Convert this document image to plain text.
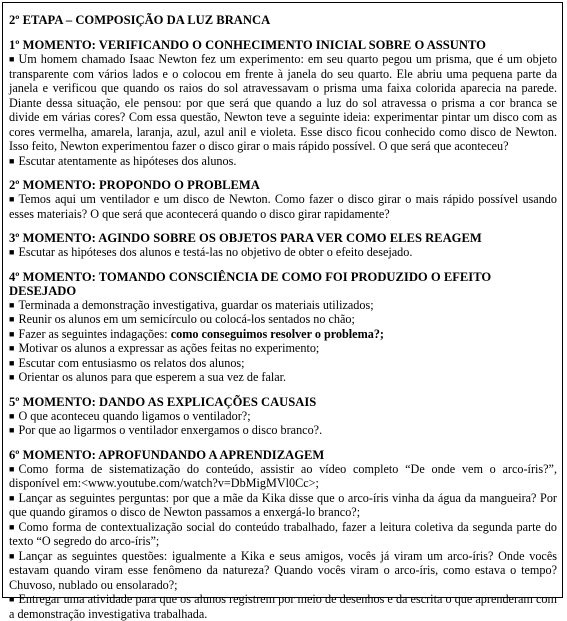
2º ETAPA – COMPOSIÇÃO DA LUZ BRANCA
1º MOMENTO: VERIFICANDO O CONHECIMENTO INICIAL SOBRE O ASSUNTO
■ Um homem chamado Isaac Newton fez um experimento: em seu quarto pegou um prisma, que é um objeto transparente com vários lados e o colocou em frente à janela do seu quarto. Ele abriu uma pequena parte da janela e verificou que quando os raios do sol atravessavam o prisma uma faixa colorida aparecia na parede. Diante dessa situação, ele pensou: por que será que quando a luz do sol atravessa o prisma a cor branca se divide em várias cores? Com essa questão, Newton teve a seguinte ideia: experimentar pintar um disco com as cores vermelha, amarela, laranja, azul, azul anil e violeta. Esse disco ficou conhecido como disco de Newton. Isso feito, Newton experimentou fazer o disco girar o mais rápido possível. O que será que aconteceu?
■ Escutar atentamente as hipóteses dos alunos.
2º MOMENTO: PROPONDO O PROBLEMA
■ Temos aqui um ventilador e um disco de Newton. Como fazer o disco girar o mais rápido possível usando esses materiais? O que será que acontecerá quando o disco girar rapidamente?
3º MOMENTO: AGINDO SOBRE OS OBJETOS PARA VER COMO ELES REAGEM
■ Escutar as hipóteses dos alunos e testá-las no objetivo de obter o efeito desejado.
4º MOMENTO: TOMANDO CONSCIÊNCIA DE COMO FOI PRODUZIDO O EFEITO DESEJADO
■ Terminada a demonstração investigativa, guardar os materiais utilizados;
■ Reunir os alunos em um semicírculo ou colocá-los sentados no chão;
■ Fazer as seguintes indagações: como conseguimos resolver o problema?;
■ Motivar os alunos a expressar as ações feitas no experimento;
■ Escutar com entusiasmo os relatos dos alunos;
■ Orientar os alunos para que esperem a sua vez de falar.
5º MOMENTO: DANDO AS EXPLICAÇÕES CAUSAIS
■ O que aconteceu quando ligamos o ventilador?;
■ Por que ao ligarmos o ventilador enxergamos o disco branco?.
6º MOMENTO: APROFUNDANDO A APRENDIZAGEM
■ Como forma de sistematização do conteúdo, assistir ao vídeo completo “De onde vem o arco-íris?”, disponível em:<www.youtube.com/watch?v=DbMigMVl0Cc>;
■ Lançar as seguintes perguntas: por que a mãe da Kika disse que o arco-íris vinha da água da mangueira? Por que quando giramos o disco de Newton passamos a enxergá-lo branco?;
■ Como forma de contextualização social do conteúdo trabalhado, fazer a leitura coletiva da segunda parte do texto “O segredo do arco-íris”;
■ Lançar as seguintes questões: igualmente a Kika e seus amigos, vocês já viram um arco-íris? Onde vocês estavam quando viram esse fenômeno da natureza? Quando vocês viram o arco-íris, como estava o tempo? Chuvoso, nublado ou ensolarado?;
■ Entregar uma atividade para que os alunos registrem por meio de desenhos e da escrita o que aprenderam com a demonstração investigativa trabalhada.
